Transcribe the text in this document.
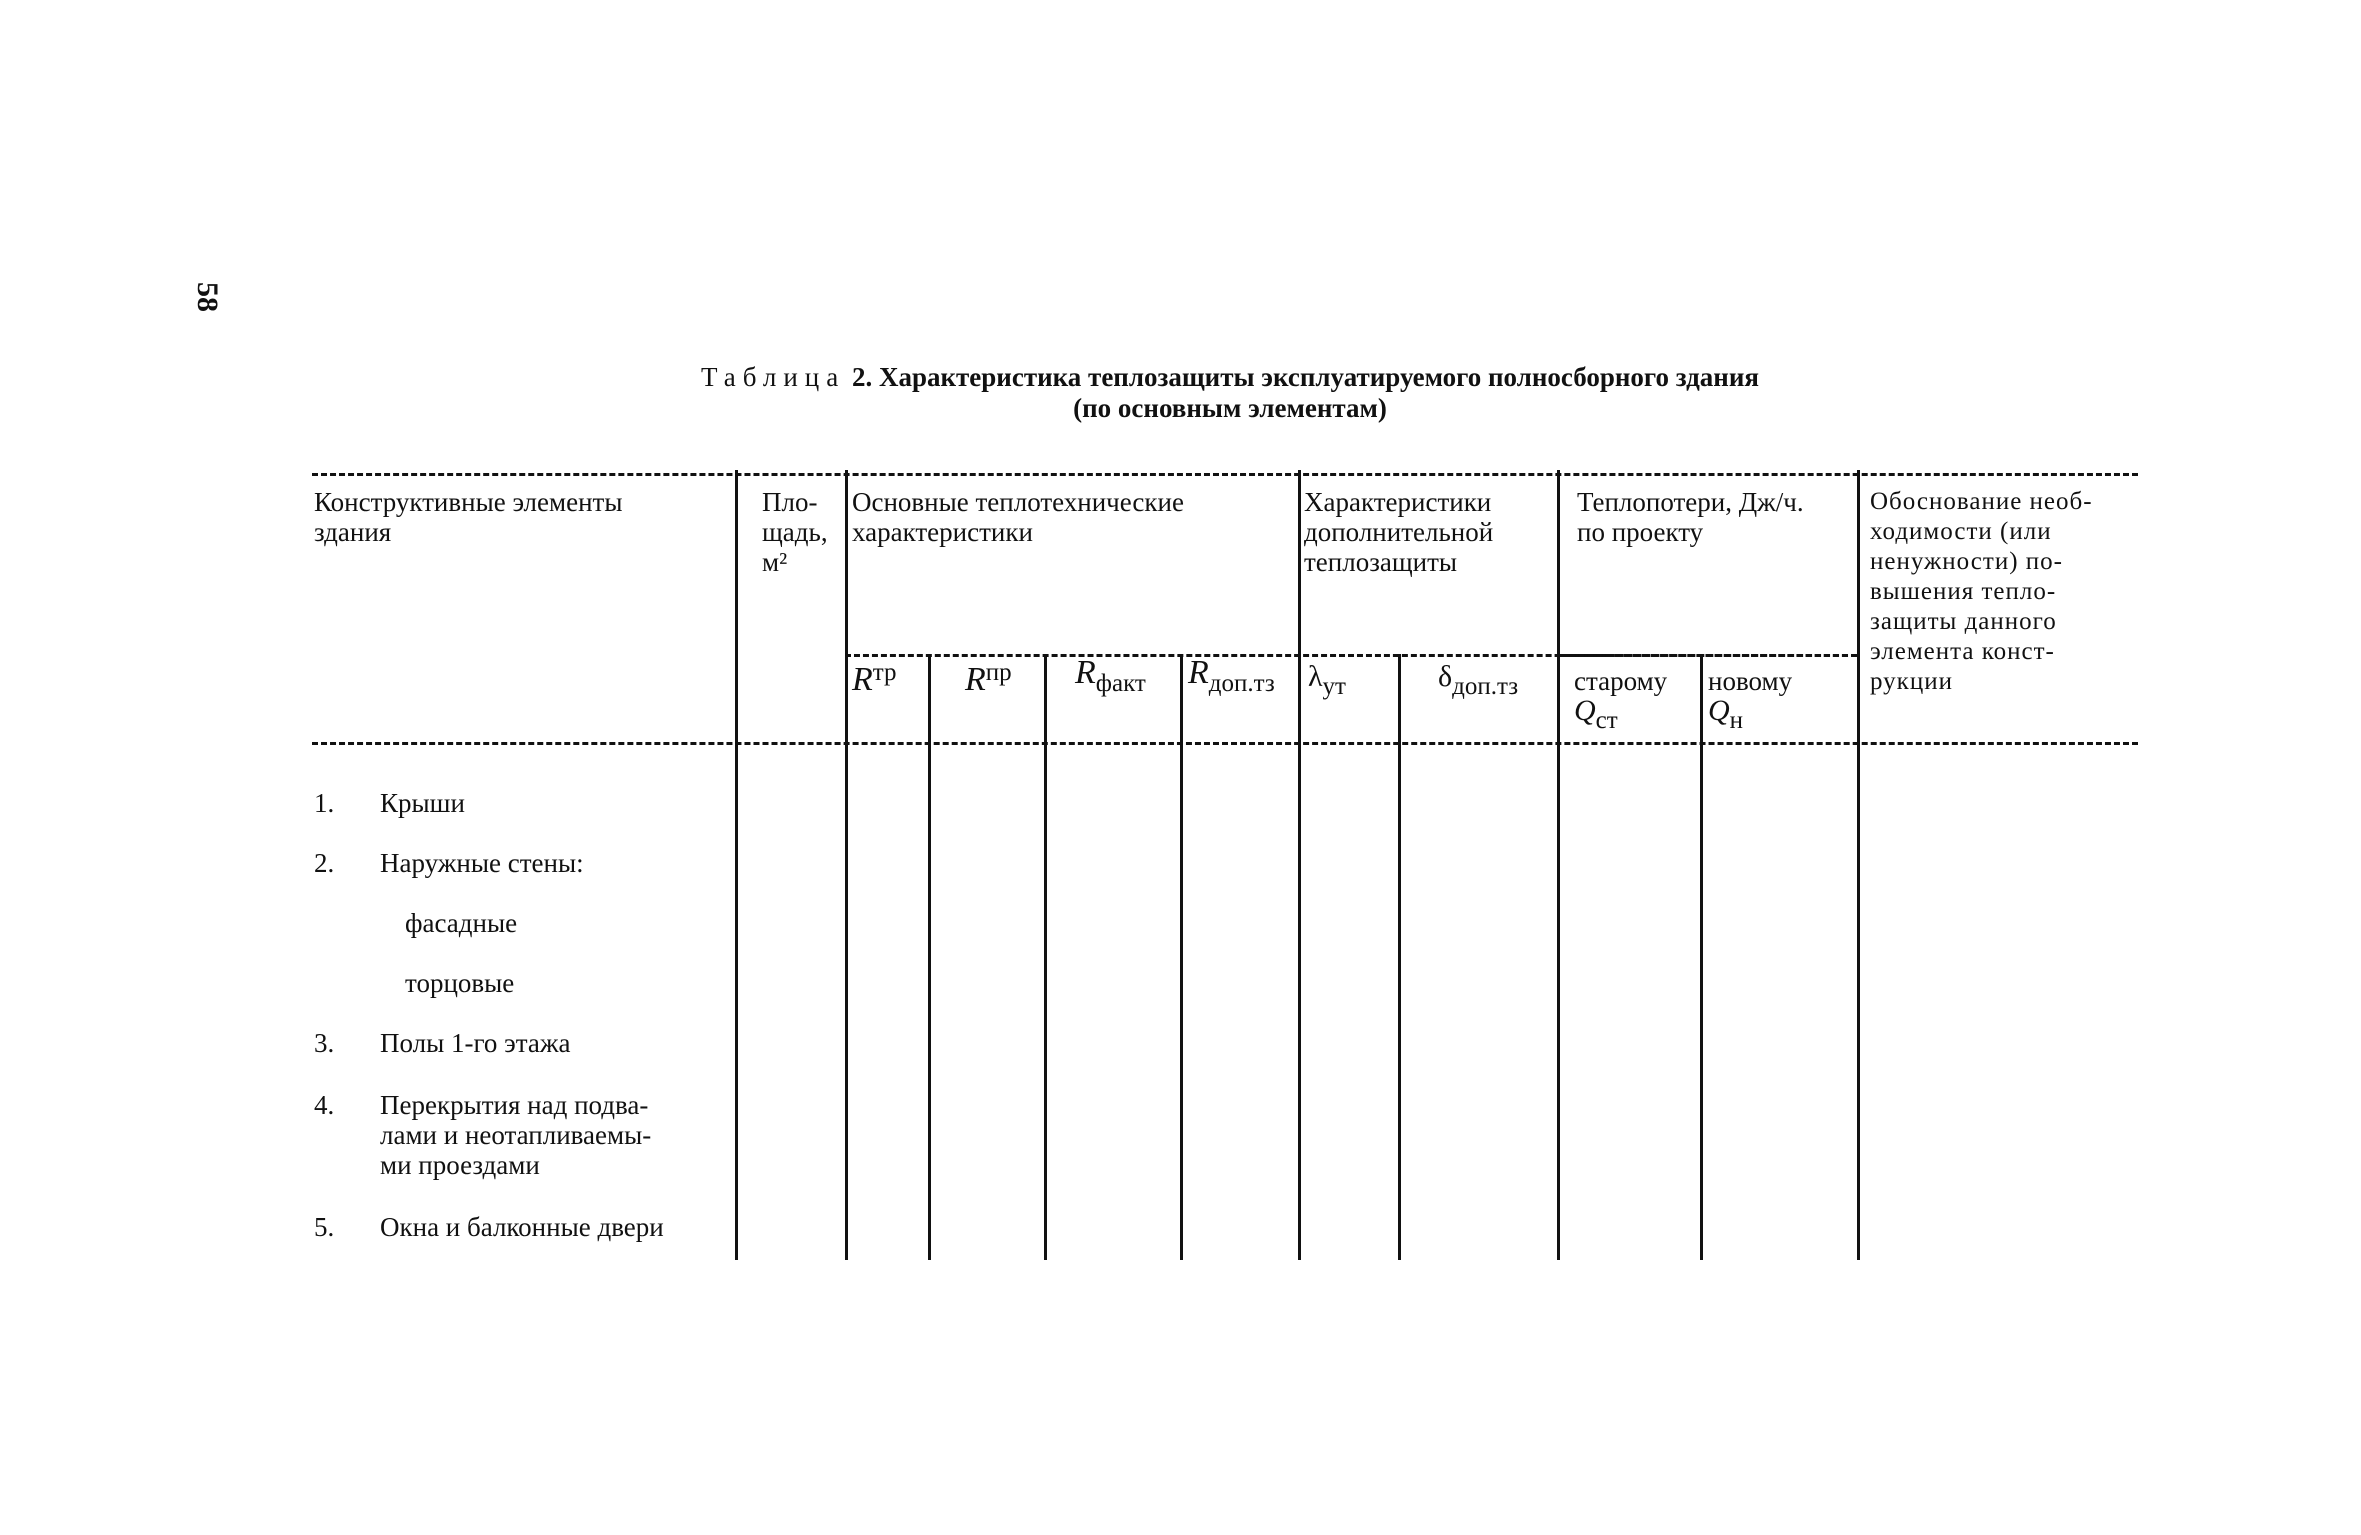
58
Таблица 2. Характеристика теплозащиты эксплуатируемого полносборного здания
(по основным элементам)
Конструктивные элементы
здания
Пло-
щадь,
м²
Основные теплотехнические
характеристики
Характеристики
дополнительной
теплозащиты
Теплопотери, Дж/ч.
по проекту
Обоснование необ-
ходимости (или
ненужности) по-
вышения тепло-
защиты данного
элемента конст-
рукции
Rтр Rпр Rфакт Rдоп.тз λут	δдоп.тз старому
Qст
новому
Qн
1. Крыши
2. Наружные стены:
фасадные
торцовые
3. Полы 1-го этажа
4. Перекрытия над подва-
лами и неотапливаемы-
ми проездами
5. Окна и балконные двери
